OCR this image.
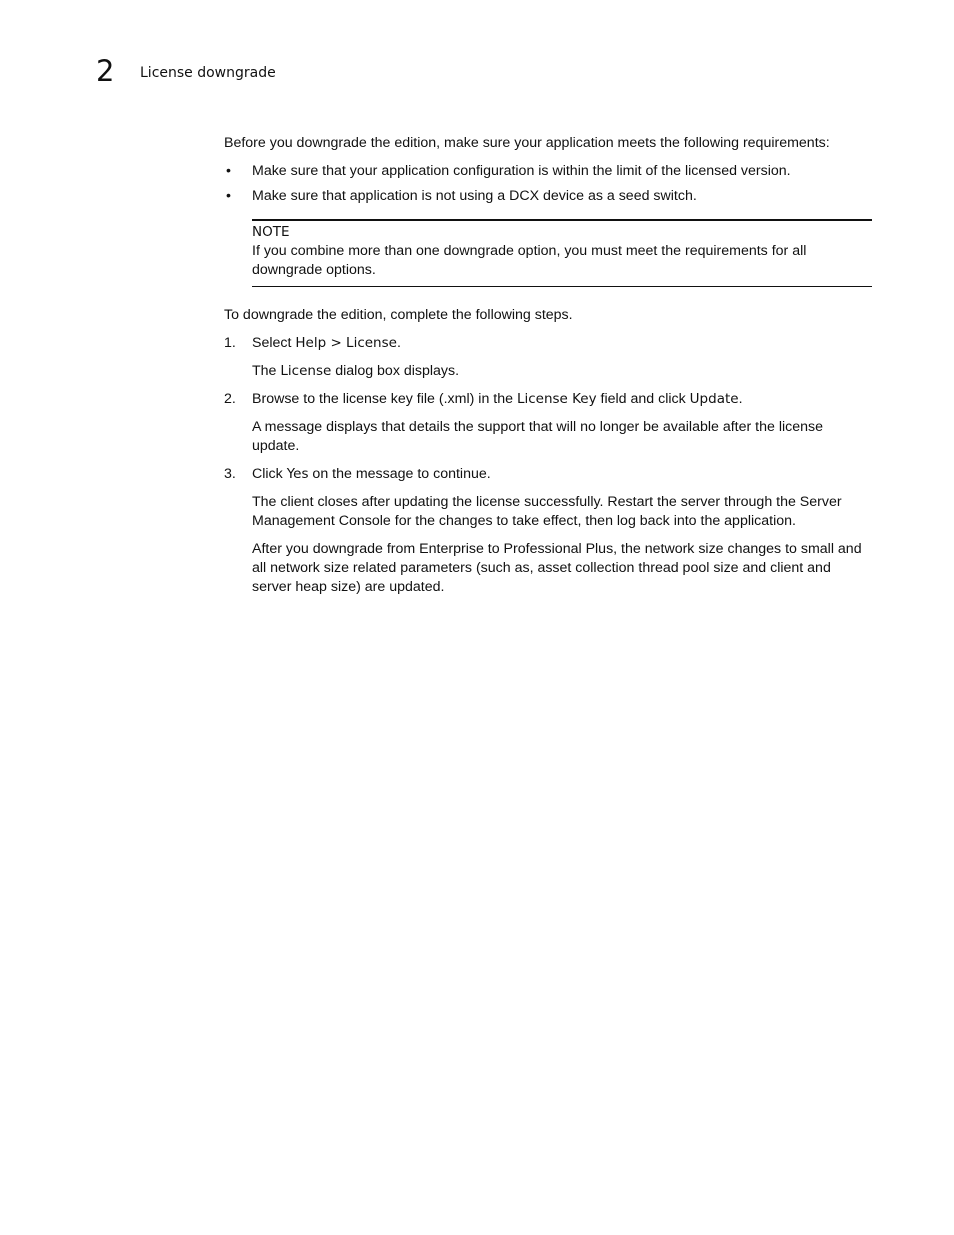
2 License downgrade

Before you downgrade the edition, make sure your application meets the following requirements:

• Make sure that your application configuration is within the limit of the licensed version.
• Make sure that application is not using a DCX device as a seed switch.

NOTE

If you combine more than one downgrade option, you must meet the requirements for all downgrade options.

To downgrade the edition, complete the following steps.

1. Select Help > License.

The License dialog box displays.

2. Browse to the license key file (.xml) in the License Key field and click Update.

A message displays that details the support that will no longer be available after the license update.

3. Click Yes on the message to continue.

The client closes after updating the license successfully. Restart the server through the Server Management Console for the changes to take effect, then log back into the application.

After you downgrade from Enterprise to Professional Plus, the network size changes to small and all network size related parameters (such as, asset collection thread pool size and client and server heap size) are updated.
